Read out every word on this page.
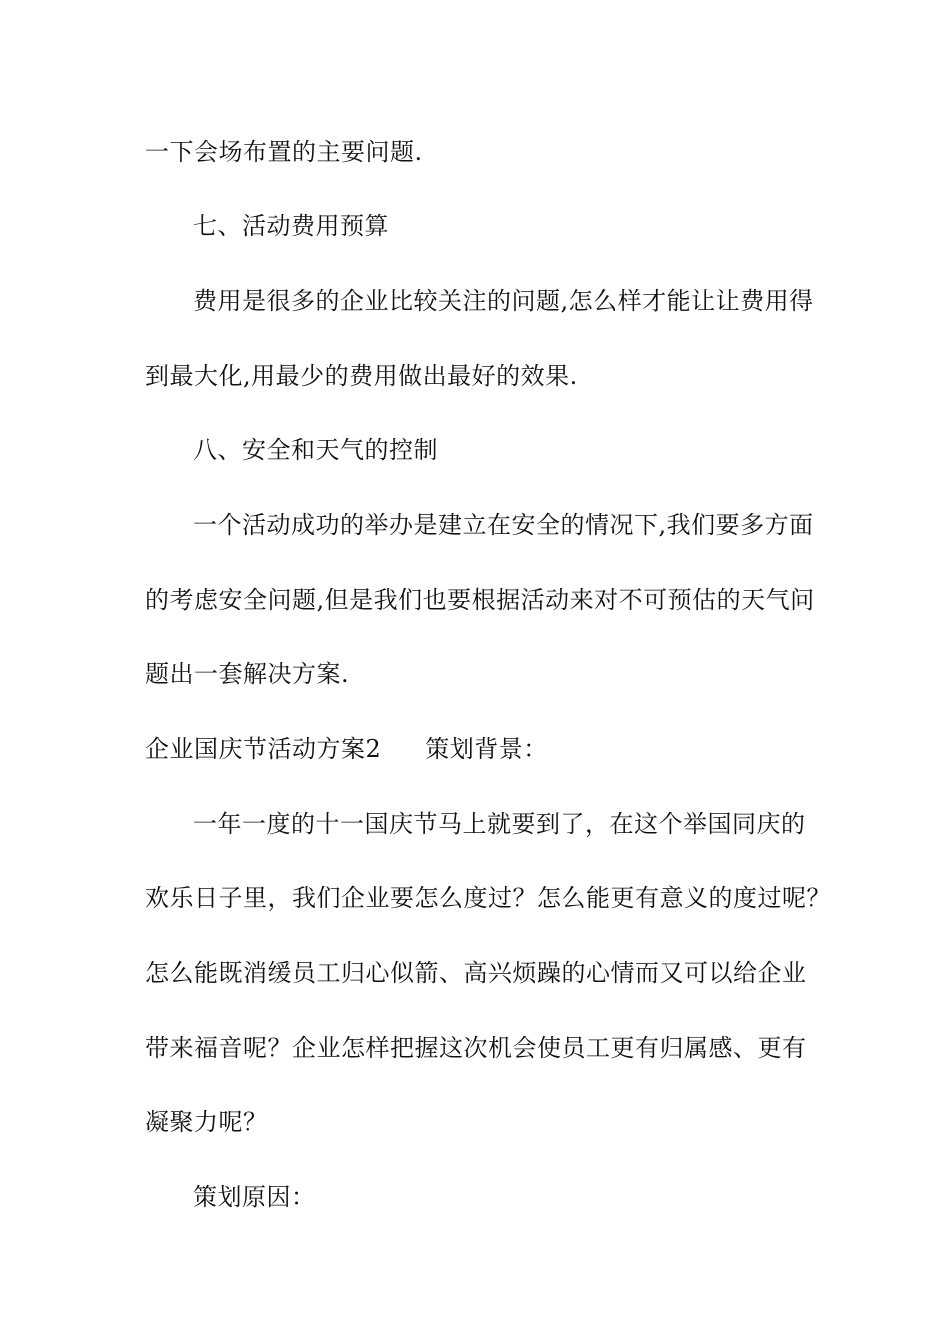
一下会场布置的主要问题.
七、活动费用预算
费用是很多的企业比较关注的问题,怎么样才能让让费用得
到最大化,用最少的费用做出最好的效果.
八、安全和天气的控制
一个活动成功的举办是建立在安全的情况下,我们要多方面
的考虑安全问题,但是我们也要根据活动来对不可预估的天气问
题出一套解决方案.
企业国庆节活动方案2 策划背景：
一年一度的十一国庆节马上就要到了，在这个举国同庆的
欢乐日子里，我们企业要怎么度过？怎么能更有意义的度过呢？
怎么能既消缓员工归心似箭、高兴烦躁的心情而又可以给企业
带来福音呢？企业怎样把握这次机会使员工更有归属感、更有
凝聚力呢？
策划原因：
